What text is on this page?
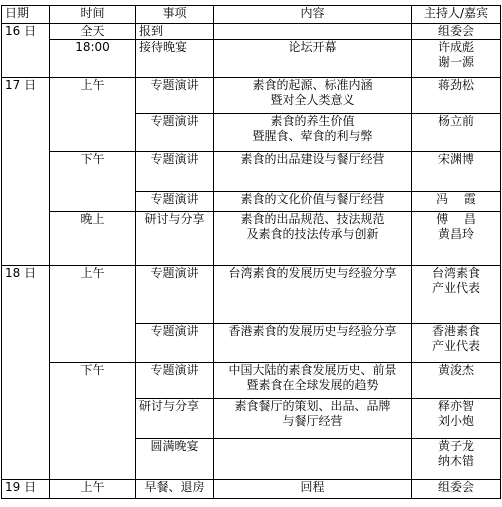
日期	时间	事项	内容	主持人/嘉宾
16 日	全天	报到		组委会
	18:00	接待晚宴	论坛开幕	许成彪
谢一源
17 日	上午	专题演讲	素食的起源、标准内涵
暨对全人类意义	蒋劲松
		专题演讲	素食的养生价值
暨腥食、荤食的利与弊	杨立前
	下午	专题演讲	素食的出品建设与餐厅经营	宋渊博
		专题演讲	素食的文化价值与餐厅经营	冯　 霞
	晚上	研讨与分享	素食的出品规范、技法规范
及素食的技法传承与创新	傅　 昌
黄昌玲
18 日	上午	专题演讲	台湾素食的发展历史与经验分享	台湾素食
产业代表
		专题演讲	香港素食的发展历史与经验分享	香港素食
产业代表
	下午	专题演讲	中国大陆的素食发展历史、前景
暨素食在全球发展的趋势	黄浚杰
		研讨与分享	素食餐厅的策划、出品、品牌
与餐厅经营	释亦智
刘小炮
		圆满晚宴		黄子龙
纳木错
19 日	上午	早餐、退房	回程	组委会
